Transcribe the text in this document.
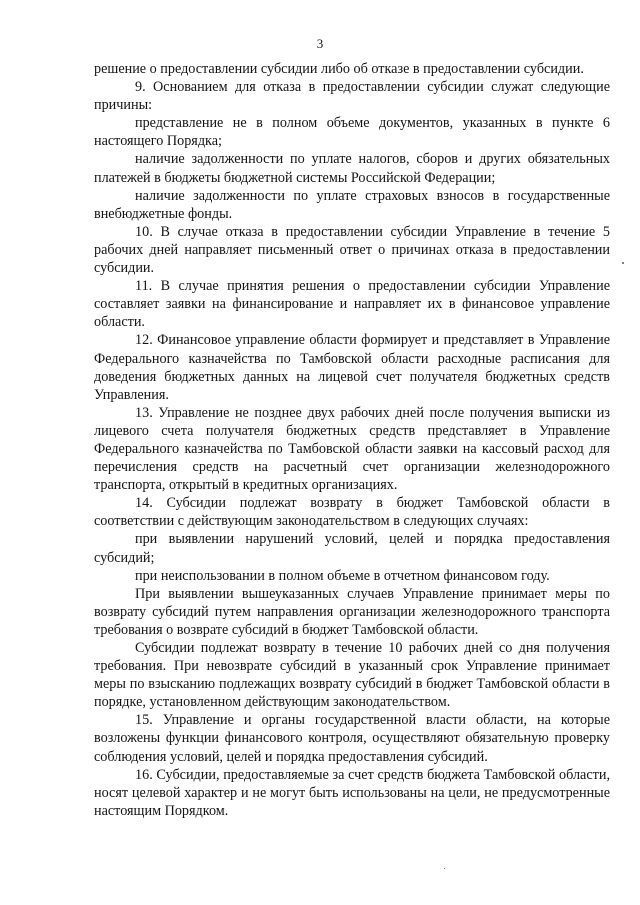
3

решение о предоставлении субсидии либо об отказе в предоставлении субсидии.

9. Основанием для отказа в предоставлении субсидии служат следующие причины:

представление не в полном объеме документов, указанных в пункте 6 настоящего Порядка;

наличие задолженности по уплате налогов, сборов и других обязательных платежей в бюджеты бюджетной системы Российской Федерации;

наличие задолженности по уплате страховых взносов в государственные внебюджетные фонды.

10. В случае отказа в предоставлении субсидии Управление в течение 5 рабочих дней направляет письменный ответ о причинах отказа в предоставлении субсидии.

11. В случае принятия решения о предоставлении субсидии Управление составляет заявки на финансирование и направляет их в финансовое управление области.

12. Финансовое управление области формирует и представляет в Управление Федерального казначейства по Тамбовской области расходные расписания для доведения бюджетных данных на лицевой счет получателя бюджетных средств Управления.

13. Управление не позднее двух рабочих дней после получения выписки из лицевого счета получателя бюджетных средств представляет в Управление Федерального казначейства по Тамбовской области заявки на кассовый расход для перечисления средств на расчетный счет организации железнодорожного транспорта, открытый в кредитных организациях.

14. Субсидии подлежат возврату в бюджет Тамбовской области в соответствии с действующим законодательством в следующих случаях:

при выявлении нарушений условий, целей и порядка предоставления субсидий;

при неиспользовании в полном объеме в отчетном финансовом году.

При выявлении вышеуказанных случаев Управление принимает меры по возврату субсидий путем направления организации железнодорожного транспорта требования о возврате субсидий в бюджет Тамбовской области.

Субсидии подлежат возврату в течение 10 рабочих дней со дня получения требования. При невозврате субсидий в указанный срок Управление принимает меры по взысканию подлежащих возврату субсидий в бюджет Тамбовской области в порядке, установленном действующим законодательством.

15. Управление и органы государственной власти области, на которые возложены функции финансового контроля, осуществляют обязательную проверку соблюдения условий, целей и порядка предоставления субсидий.

16. Субсидии, предоставляемые за счет средств бюджета Тамбовской области, носят целевой характер и не могут быть использованы на цели, не предусмотренные настоящим Порядком.
